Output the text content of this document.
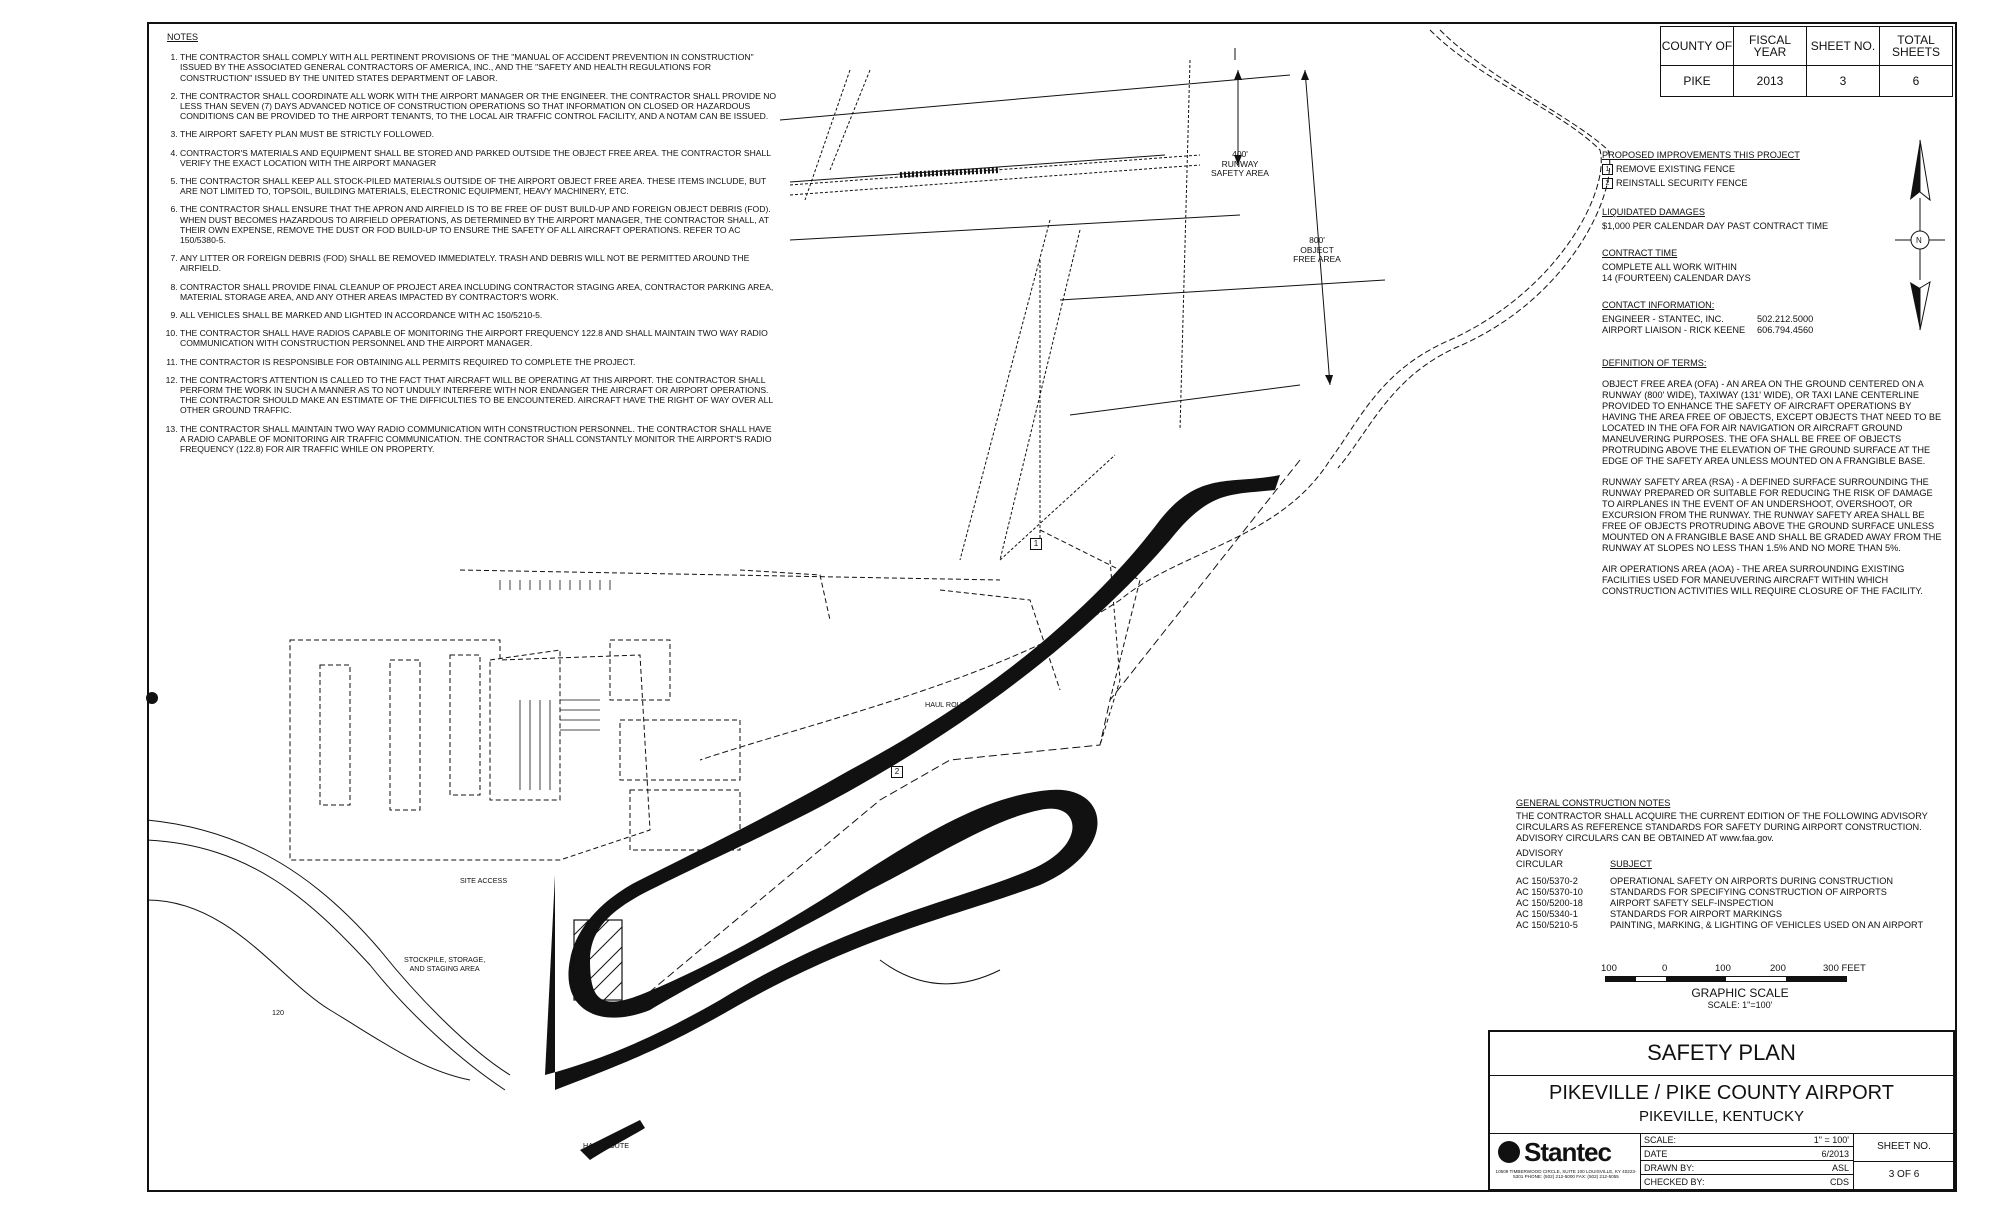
400'
RUNWAY
SAFETY AREA
800'
OBJECT
FREE AREA
HAUL ROUTE
HAUL ROUTE
SITE ACCESS
STOCKPILE, STORAGE,
AND STAGING AREA
1
2
120
N
NOTES
1. THE CONTRACTOR SHALL COMPLY WITH ALL PERTINENT PROVISIONS OF THE "MANUAL OF ACCIDENT PREVENTION IN CONSTRUCTION" ISSUED BY THE ASSOCIATED GENERAL CONTRACTORS OF AMERICA, INC., AND THE "SAFETY AND HEALTH REGULATIONS FOR CONSTRUCTION" ISSUED BY THE UNITED STATES DEPARTMENT OF LABOR.
2. THE CONTRACTOR SHALL COORDINATE ALL WORK WITH THE AIRPORT MANAGER OR THE ENGINEER. THE CONTRACTOR SHALL PROVIDE NO LESS THAN SEVEN (7) DAYS ADVANCED NOTICE OF CONSTRUCTION OPERATIONS SO THAT INFORMATION ON CLOSED OR HAZARDOUS CONDITIONS CAN BE PROVIDED TO THE AIRPORT TENANTS, TO THE LOCAL AIR TRAFFIC CONTROL FACILITY, AND A NOTAM CAN BE ISSUED.
3. THE AIRPORT SAFETY PLAN MUST BE STRICTLY FOLLOWED.
4. CONTRACTOR'S MATERIALS AND EQUIPMENT SHALL BE STORED AND PARKED OUTSIDE THE OBJECT FREE AREA. THE CONTRACTOR SHALL VERIFY THE EXACT LOCATION WITH THE AIRPORT MANAGER
5. THE CONTRACTOR SHALL KEEP ALL STOCK-PILED MATERIALS OUTSIDE OF THE AIRPORT OBJECT FREE AREA. THESE ITEMS INCLUDE, BUT ARE NOT LIMITED TO, TOPSOIL, BUILDING MATERIALS, ELECTRONIC EQUIPMENT, HEAVY MACHINERY, ETC.
6. THE CONTRACTOR SHALL ENSURE THAT THE APRON AND AIRFIELD IS TO BE FREE OF DUST BUILD-UP AND FOREIGN OBJECT DEBRIS (FOD). WHEN DUST BECOMES HAZARDOUS TO AIRFIELD OPERATIONS, AS DETERMINED BY THE AIRPORT MANAGER, THE CONTRACTOR SHALL, AT THEIR OWN EXPENSE, REMOVE THE DUST OR FOD BUILD-UP TO ENSURE THE SAFETY OF ALL AIRCRAFT OPERATIONS. REFER TO AC 150/5380-5.
7. ANY LITTER OR FOREIGN DEBRIS (FOD) SHALL BE REMOVED IMMEDIATELY. TRASH AND DEBRIS WILL NOT BE PERMITTED AROUND THE AIRFIELD.
8. CONTRACTOR SHALL PROVIDE FINAL CLEANUP OF PROJECT AREA INCLUDING CONTRACTOR STAGING AREA, CONTRACTOR PARKING AREA, MATERIAL STORAGE AREA, AND ANY OTHER AREAS IMPACTED BY CONTRACTOR'S WORK.
9. ALL VEHICLES SHALL BE MARKED AND LIGHTED IN ACCORDANCE WITH AC 150/5210-5.
10. THE CONTRACTOR SHALL HAVE RADIOS CAPABLE OF MONITORING THE AIRPORT FREQUENCY 122.8 AND SHALL MAINTAIN TWO WAY RADIO COMMUNICATION WITH CONSTRUCTION PERSONNEL AND THE AIRPORT MANAGER.
11. THE CONTRACTOR IS RESPONSIBLE FOR OBTAINING ALL PERMITS REQUIRED TO COMPLETE THE PROJECT.
12. THE CONTRACTOR'S ATTENTION IS CALLED TO THE FACT THAT AIRCRAFT WILL BE OPERATING AT THIS AIRPORT. THE CONTRACTOR SHALL PERFORM THE WORK IN SUCH A MANNER AS TO NOT UNDULY INTERFERE WITH NOR ENDANGER THE AIRCRAFT OR AIRPORT OPERATIONS. THE CONTRACTOR SHOULD MAKE AN ESTIMATE OF THE DIFFICULTIES TO BE ENCOUNTERED. AIRCRAFT HAVE THE RIGHT OF WAY OVER ALL OTHER GROUND TRAFFIC.
13. THE CONTRACTOR SHALL MAINTAIN TWO WAY RADIO COMMUNICATION WITH CONSTRUCTION PERSONNEL. THE CONTRACTOR SHALL HAVE A RADIO CAPABLE OF MONITORING AIR TRAFFIC COMMUNICATION. THE CONTRACTOR SHALL CONSTANTLY MONITOR THE AIRPORT'S RADIO FREQUENCY (122.8) FOR AIR TRAFFIC WHILE ON PROPERTY.
COUNTY OF	FISCAL YEAR	SHEET NO.	TOTAL SHEETS
PIKE	2013	3	6
PROPOSED IMPROVEMENTS THIS PROJECT
1 REMOVE EXISTING FENCE
2 REINSTALL SECURITY FENCE
LIQUIDATED DAMAGES

$1,000 PER CALENDAR DAY PAST CONTRACT TIME

CONTRACT TIME

COMPLETE ALL WORK WITHIN

14 (FOURTEEN) CALENDAR DAYS

CONTACT INFORMATION:
ENGINEER - STANTEC, INC.	502.212.5000
AIRPORT LIAISON - RICK KEENE	606.794.4560
DEFINITION OF TERMS:

OBJECT FREE AREA (OFA) - AN AREA ON THE GROUND CENTERED ON A RUNWAY (800' WIDE), TAXIWAY (131' WIDE), OR TAXI LANE CENTERLINE PROVIDED TO ENHANCE THE SAFETY OF AIRCRAFT OPERATIONS BY HAVING THE AREA FREE OF OBJECTS, EXCEPT OBJECTS THAT NEED TO BE LOCATED IN THE OFA FOR AIR NAVIGATION OR AIRCRAFT GROUND MANEUVERING PURPOSES. THE OFA SHALL BE FREE OF OBJECTS PROTRUDING ABOVE THE ELEVATION OF THE GROUND SURFACE AT THE EDGE OF THE SAFETY AREA UNLESS MOUNTED ON A FRANGIBLE BASE.

RUNWAY SAFETY AREA (RSA) - A DEFINED SURFACE SURROUNDING THE RUNWAY PREPARED OR SUITABLE FOR REDUCING THE RISK OF DAMAGE TO AIRPLANES IN THE EVENT OF AN UNDERSHOOT, OVERSHOOT, OR EXCURSION FROM THE RUNWAY. THE RUNWAY SAFETY AREA SHALL BE FREE OF OBJECTS PROTRUDING ABOVE THE GROUND SURFACE UNLESS MOUNTED ON A FRANGIBLE BASE AND SHALL BE GRADED AWAY FROM THE RUNWAY AT SLOPES NO LESS THAN 1.5% AND NO MORE THAN 5%.

AIR OPERATIONS AREA (AOA) - THE AREA SURROUNDING EXISTING FACILITIES USED FOR MANEUVERING AIRCRAFT WITHIN WHICH CONSTRUCTION ACTIVITIES WILL REQUIRE CLOSURE OF THE FACILITY.

GENERAL CONSTRUCTION NOTES

THE CONTRACTOR SHALL ACQUIRE THE CURRENT EDITION OF THE FOLLOWING ADVISORY CIRCULARS AS REFERENCE STANDARDS FOR SAFETY DURING AIRPORT CONSTRUCTION. ADVISORY CIRCULARS CAN BE OBTAINED AT www.faa.gov.

ADVISORY CIRCULAR	SUBJECT

AC 150/5370-2	OPERATIONAL SAFETY ON AIRPORTS DURING CONSTRUCTION
AC 150/5370-10	STANDARDS FOR SPECIFYING CONSTRUCTION OF AIRPORTS
AC 150/5200-18	AIRPORT SAFETY SELF-INSPECTION
AC 150/5340-1	STANDARDS FOR AIRPORT MARKINGS
AC 150/5210-5	PAINTING, MARKING, & LIGHTING OF VEHICLES USED ON AN AIRPORT
100	0	100	200	300 FEET
GRAPHIC SCALE
SCALE: 1"=100'
SAFETY PLAN
PIKEVILLE / PIKE COUNTY AIRPORT
PIKEVILLE, KENTUCKY
Stantec
10509 TIMBERWOOD CIRCLE, SUITE 100 LOUISVILLE, KY 40223-5301 PHONE: (502) 212-5000 FAX: (502) 212-5055
SCALE:	1" = 100'
DATE	6/2013
DRAWN BY:	ASL
CHECKED BY:	CDS
SHEET NO.
3 OF 6
